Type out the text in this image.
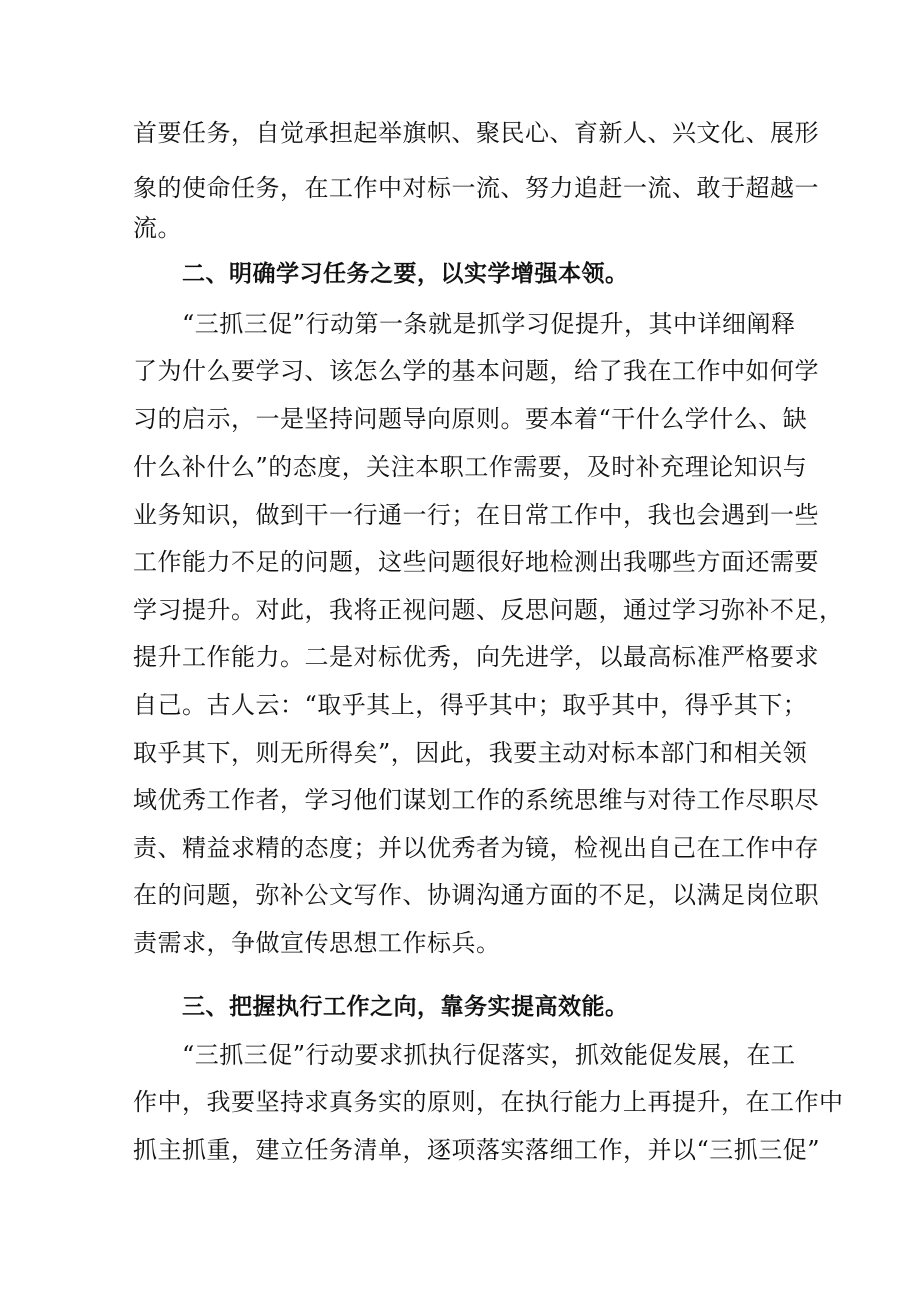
首要任务，自觉承担起举旗帜、聚民心、育新人、兴文化、展形
象的使命任务，在工作中对标一流、努力追赶一流、敢于超越一
流。
二、明确学习任务之要，以实学增强本领。
“三抓三促”行动第一条就是抓学习促提升，其中详细阐释
了为什么要学习、该怎么学的基本问题，给了我在工作中如何学
习的启示，一是坚持问题导向原则。要本着“干什么学什么、缺
什么补什么”的态度，关注本职工作需要，及时补充理论知识与
业务知识，做到干一行通一行；在日常工作中，我也会遇到一些
工作能力不足的问题，这些问题很好地检测出我哪些方面还需要
学习提升。对此，我将正视问题、反思问题，通过学习弥补不足，
提升工作能力。二是对标优秀，向先进学，以最高标准严格要求
自己。古人云：“取乎其上，得乎其中；取乎其中，得乎其下；
取乎其下，则无所得矣”，因此，我要主动对标本部门和相关领
域优秀工作者，学习他们谋划工作的系统思维与对待工作尽职尽
责、精益求精的态度；并以优秀者为镜，检视出自己在工作中存
在的问题，弥补公文写作、协调沟通方面的不足，以满足岗位职
责需求，争做宣传思想工作标兵。
三、把握执行工作之向，靠务实提高效能。
“三抓三促”行动要求抓执行促落实，抓效能促发展，在工
作中，我要坚持求真务实的原则，在执行能力上再提升，在工作中
抓主抓重，建立任务清单，逐项落实落细工作，并以“三抓三促”
